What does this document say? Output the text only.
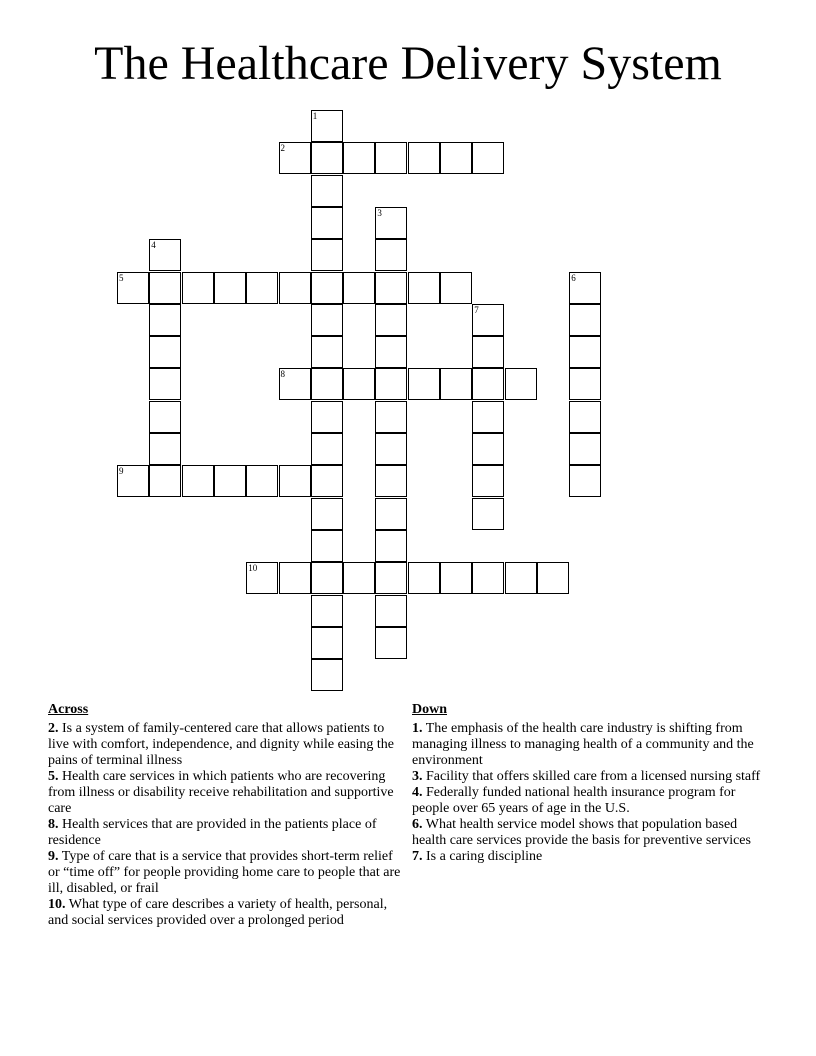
The Healthcare Delivery System
1
2
3
4
5	6
7
8
9
10
Across
2. Is a system of family-centered care that allows patients to live with comfort, independence, and dignity while easing the pains of terminal illness
5. Health care services in which patients who are recovering from illness or disability receive rehabilitation and supportive care
8. Health services that are provided in the patients place of residence
9. Type of care that is a service that provides short-term relief or “time off” for people providing home care to people that are ill, disabled, or frail
10. What type of care describes a variety of health, personal, and social services provided over a prolonged period
Down
1. The emphasis of the health care industry is shifting from managing illness to managing health of a community and the environment
3. Facility that offers skilled care from a licensed nursing staff
4. Federally funded national health insurance program for people over 65 years of age in the U.S.
6. What health service model shows that population based health care services provide the basis for preventive services
7. Is a caring discipline
